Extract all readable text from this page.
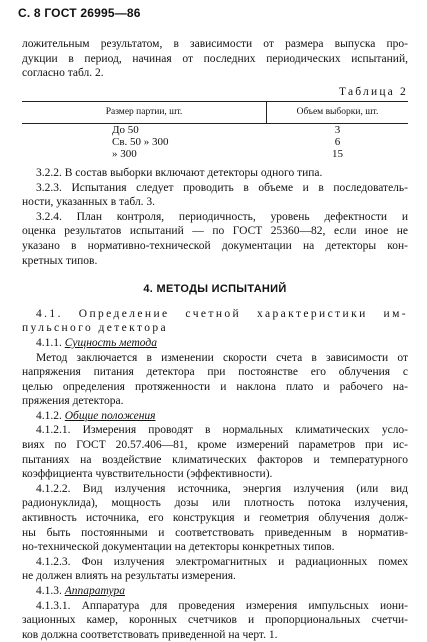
С. 8 ГОСТ 26995—86

ложительным результатом, в зависимости от размера выпуска про-
дукции в период, начиная от последних периодических испытаний,
согласно табл. 2.

Таблица 2
Размер партии, шт.	Объем выборки, шт.
До 50	3
Св. 50 » 300	6
» 300	15

3.2.2. В состав выборки включают детекторы одного типа.

3.2.3. Испытания следует проводить в объеме и в последователь-
ности, указанных в табл. 3.

3.2.4. План контроля, периодичность, уровень дефектности и
оценка результатов испытаний — по ГОСТ 25360—82, если иное не
указано в нормативно-технической документации на детекторы кон-
кретных типов.

4. МЕТОДЫ ИСПЫТАНИЙ

4.1. Определение счетной характеристики им-
пульсного детектора

4.1.1. Сущность метода

Метод заключается в изменении скорости счета в зависимости от
напряжения питания детектора при постоянстве его облучения с
целью определения протяженности и наклона плато и рабочего на-
пряжения детектора.

4.1.2. Общие положения

4.1.2.1. Измерения проводят в нормальных климатических усло-
виях по ГОСТ 20.57.406—81, кроме измерений параметров при ис-
пытаниях на воздействие климатических факторов и температурного
коэффициента чувствительности (эффективности).

4.1.2.2. Вид излучения источника, энергия излучения (или вид
радионуклида), мощность дозы или плотность потока излучения,
активность источника, его конструкция и геометрия облучения долж-
ны быть постоянными и соответствовать приведенным в норматив-
но-технической документации на детекторы конкретных типов.

4.1.2.3. Фон излучения электромагнитных и радиационных помех
не должен влиять на результаты измерения.

4.1.3. Аппаратура

4.1.3.1. Аппаратура для проведения измерения импульсных иони-
зационных камер, коронных счетчиков и пропорциональных счетчи-
ков должна соответствовать приведенной на черт. 1.
